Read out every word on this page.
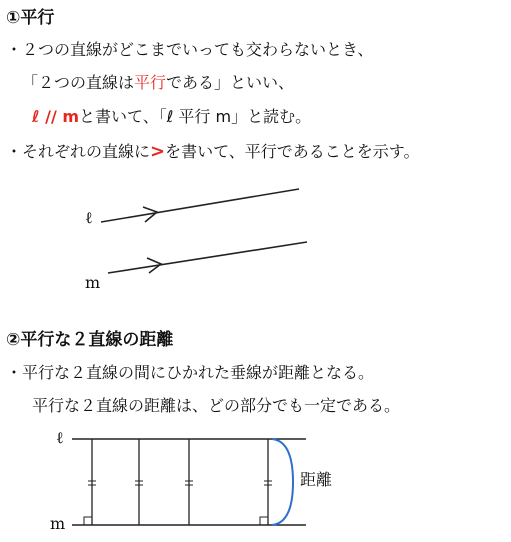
①平行
・２つの直線がどこまでいっても交わらないとき、
「２つの直線は平行である」といい、
ℓ // mと書いて、「ℓ 平行 m」と読む。
・それぞれの直線に>を書いて、平行であることを示す。
ℓ
m
②平行な２直線の距離
・平行な２直線の間にひかれた垂線が距離となる。
平行な２直線の距離は、どの部分でも一定である。
ℓ
m
距離
